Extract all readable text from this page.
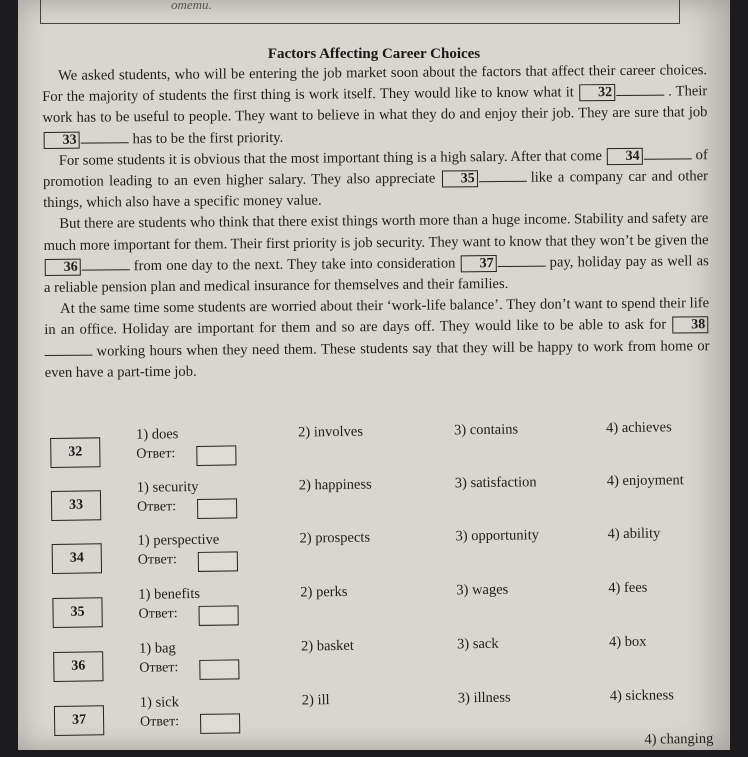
omemu.
Factors Affecting Career Choices

We asked students, who will be entering the job market soon about the factors that affect their career choices. For the majority of students the first thing is work itself. They would like to know what it 32	. Their work has to be useful to people. They want to believe in what they do and enjoy their job. They are sure that job 33	has to be the first priority.

For some students it is obvious that the most important thing is a high salary. After that come 34	of promotion leading to an even higher salary. They also appreciate 35	like a company car and other things, which also have a specific money value.

But there are students who think that there exist things worth more than a huge income. Stability and safety are much more important for them. Their first priority is job security. They want to know that they won’t be given the 36	from one day to the next. They take into consideration 37	pay, holiday pay as well as a reliable pension plan and medical insurance for themselves and their families.

At the same time some students are worried about their ‘work-life balance’. They don’t want to spend their life in an office. Holiday are important for them and so are days off. They would like to be able to ask for 38working hours when they need them. These students say that they will be happy to work from home or even have a part-time job.

32
1) does	2) involves	3) contains	4) achieves
Ответ:
33
1) security	2) happiness	3) satisfaction	4) enjoyment
Ответ:
34
1) perspective	2) prospects	3) opportunity	4) ability
Ответ:
35
1) benefits	2) perks	3) wages	4) fees
Ответ:
36
1) bag	2) basket	3) sack	4) box
Ответ:
37
1) sick	2) ill	3) illness	4) sickness
Ответ:
4) changing
